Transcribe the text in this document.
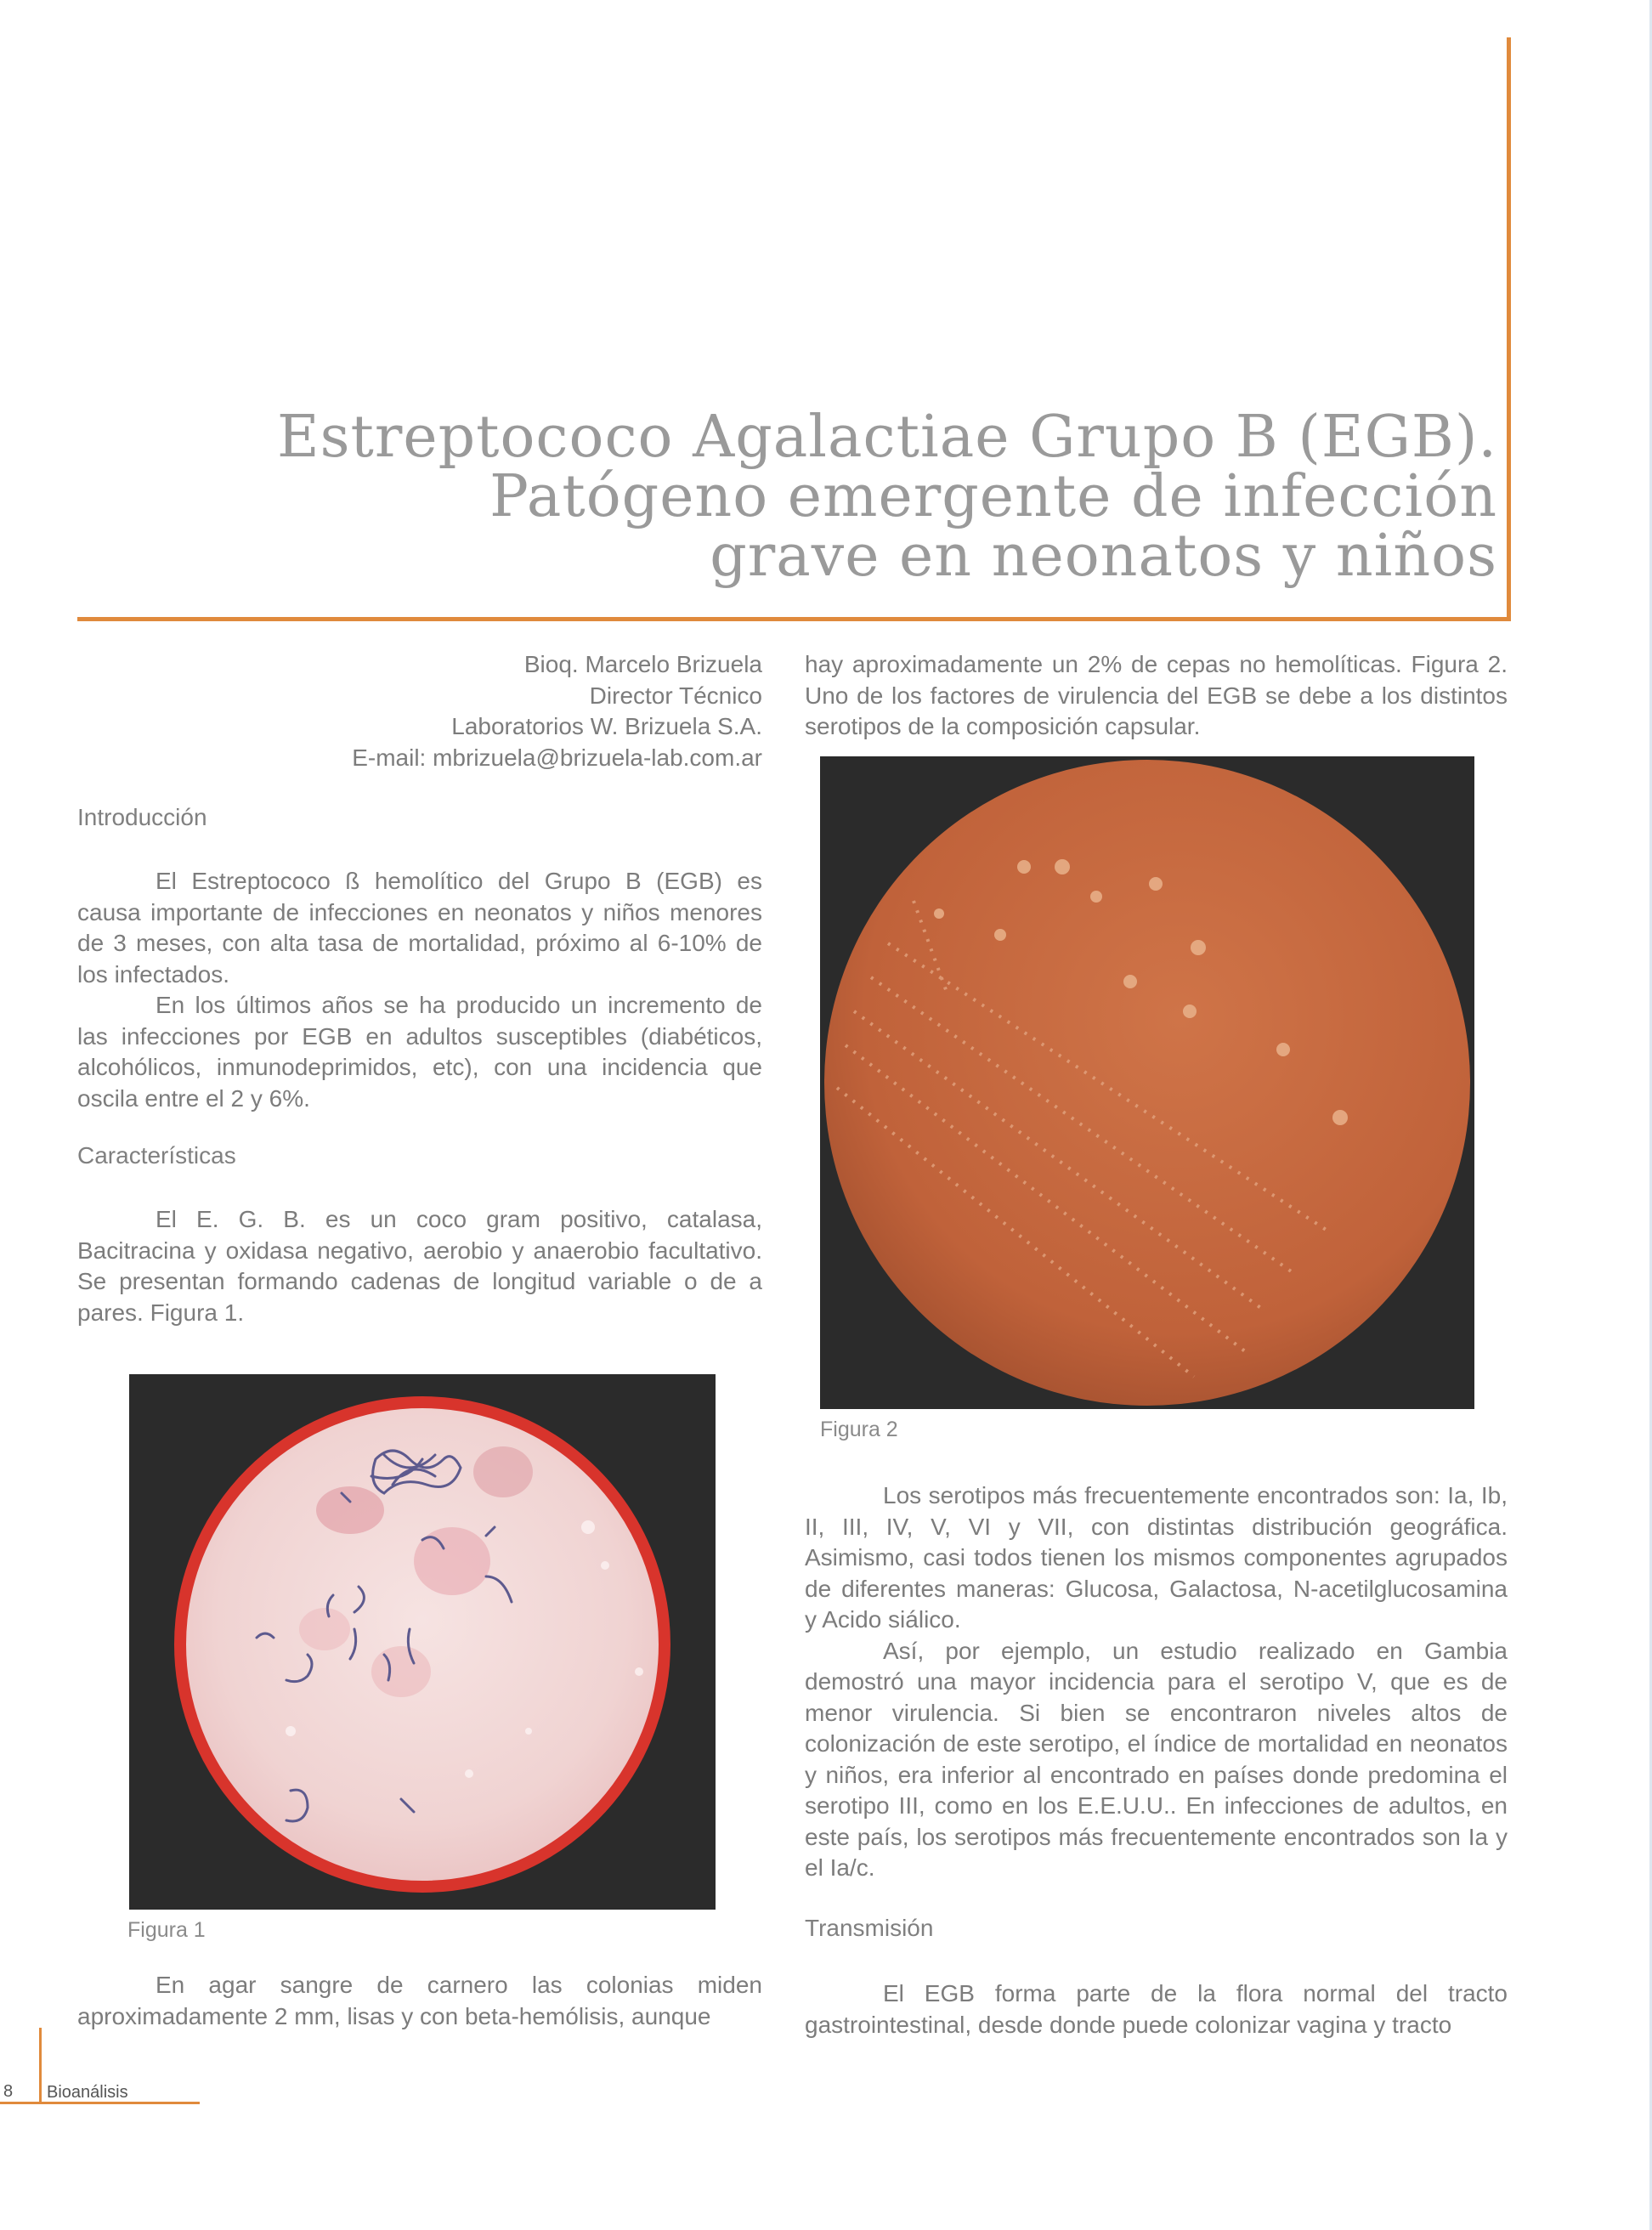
Estreptococo Agalactiae Grupo B (EGB).
Patógeno emergente de infección
grave en neonatos y niños
Bioq. Marcelo Brizuela
Director Técnico
Laboratorios W. Brizuela S.A.
E-mail: mbrizuela@brizuela-lab.com.ar
Introducción

El Estreptococo ß hemolítico del Grupo B (EGB) es causa importante de infecciones en neonatos y niños menores de 3 meses, con alta tasa de mortalidad, próximo al 6-10% de los infectados.

En los últimos años se ha producido un incremento de las infecciones por EGB en adultos susceptibles (diabéticos, alcohólicos, inmunodeprimidos, etc), con una incidencia que oscila entre el 2 y 6%.

Características

El E. G. B. es un coco gram positivo, catalasa, Bacitracina y oxidasa negativo, aerobio y anaerobio facultativo. Se presentan formando cadenas de longitud variable o de a pares. Figura 1.

Figura 1

En agar sangre de carnero las colonias miden aproximadamente 2 mm, lisas y con beta-hemólisis, aunque

hay aproximadamente un 2% de cepas no hemolíticas. Figura 2. Uno de los factores de virulencia del EGB se debe a los distintos serotipos de la composición capsular.

Figura 2

Los serotipos más frecuentemente encontrados son: Ia, Ib, II, III, IV, V, VI y VII, con distintas distribución geográfica. Asimismo, casi todos tienen los mismos componentes agrupados de diferentes maneras: Glucosa, Galactosa, N-acetilglucosamina y Acido siálico.

Así, por ejemplo, un estudio realizado en Gambia demostró una mayor incidencia para el serotipo V, que es de menor virulencia. Si bien se encontraron niveles altos de colonización de este serotipo, el índice de mortalidad en neonatos y niños, era inferior al encontrado en países donde predomina el serotipo III, como en los E.E.U.U.. En infecciones de adultos, en este país, los serotipos más frecuentemente encontrados son Ia y el Ia/c.

Transmisión

El EGB forma parte de la flora normal del tracto gastrointestinal, desde donde puede colonizar vagina y tracto

8 Bioanálisis
